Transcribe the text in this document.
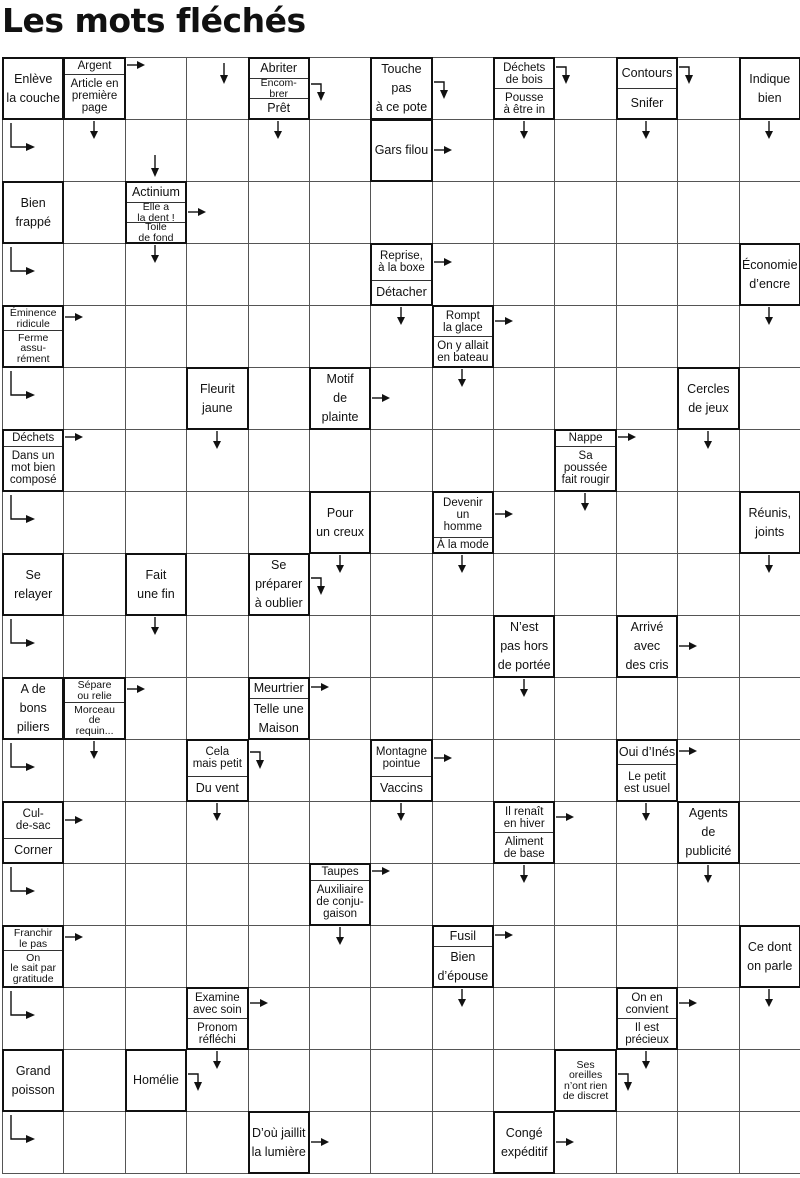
Les mots fléchés
Enlève
la couche
Argent
Article en
première
page
Abriter
Encom-
brer
Prêt
Touche
pas
à ce pote
Déchets
de bois
Pousse
à être in
Contours
Snifer
Indique
bien
Gars filou
Bien
frappé
Actinium
Elle a
la dent !
Toile
de fond
Reprise,
à la boxe
Détacher
Économie
d’encre
Éminence
ridicule
Ferme
assu-
rément
Rompt
la glace
On y allait
en bateau
Fleurit
jaune
Motif
de
plainte
Cercles
de jeux
Déchets
Dans un
mot bien
composé
Nappe
Sa
poussée
fait rougir
Pour
un creux
Devenir
un
homme
À la mode
Réunis,
joints
Se
relayer
Fait
une fin
Se
préparer
à oublier
N’est
pas hors
de portée
Arrivé
avec
des cris
A de
bons
piliers
Sépare
ou relie
Morceau
de
requin...
Meurtrier
Telle une
Maison
Cela
mais petit
Du vent
Montagne
pointue
Vaccins
Oui d’Inés
Le petit
est usuel
Cul-
de-sac
Corner
Il renaît
en hiver
Aliment
de base
Agents
de
publicité
Taupes
Auxiliaire
de conju-
gaison
Franchir
le pas
On
le sait par
gratitude
Fusil
Bien
d’épouse
Ce dont
on parle
Examine
avec soin
Pronom
réfléchi
On en
convient
Il est
précieux
Grand
poisson
Homélie
Ses
oreilles
n’ont rien
de discret
D’où jaillit
la lumière
Congé
expéditif
